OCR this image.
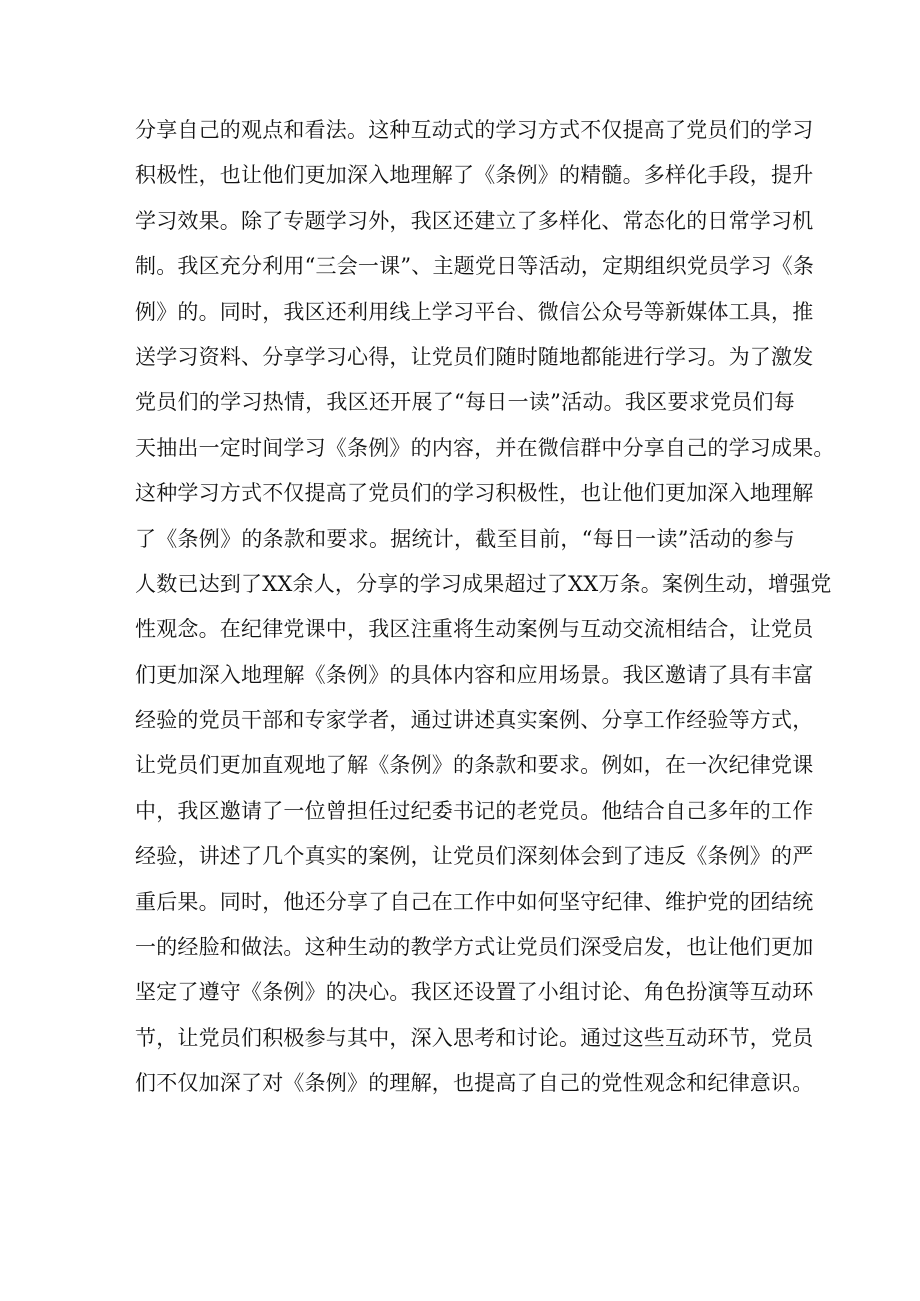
分享自己的观点和看法。这种互动式的学习方式不仅提高了党员们的学习
积极性，也让他们更加深入地理解了《条例》的精髓。多样化手段，提升
学习效果。除了专题学习外，我区还建立了多样化、常态化的日常学习机
制。我区充分利用“三会一课”、主题党日等活动，定期组织党员学习《条
例》的。同时，我区还利用线上学习平台、微信公众号等新媒体工具，推
送学习资料、分享学习心得，让党员们随时随地都能进行学习。为了激发
党员们的学习热情，我区还开展了“每日一读”活动。我区要求党员们每
天抽出一定时间学习《条例》的内容，并在微信群中分享自己的学习成果。
这种学习方式不仅提高了党员们的学习积极性，也让他们更加深入地理解
了《条例》的条款和要求。据统计，截至目前，“每日一读”活动的参与
人数已达到了XX余人，分享的学习成果超过了XX万条。案例生动，增强党
性观念。在纪律党课中，我区注重将生动案例与互动交流相结合，让党员
们更加深入地理解《条例》的具体内容和应用场景。我区邀请了具有丰富
经验的党员干部和专家学者，通过讲述真实案例、分享工作经验等方式，
让党员们更加直观地了解《条例》的条款和要求。例如，在一次纪律党课
中，我区邀请了一位曾担任过纪委书记的老党员。他结合自己多年的工作
经验，讲述了几个真实的案例，让党员们深刻体会到了违反《条例》的严
重后果。同时，他还分享了自己在工作中如何坚守纪律、维护党的团结统
一的经脸和做法。这种生动的教学方式让党员们深受启发，也让他们更加
坚定了遵守《条例》的决心。我区还设置了小组讨论、角色扮演等互动环
节，让党员们积极参与其中，深入思考和讨论。通过这些互动环节，党员
们不仅加深了对《条例》的理解，也提高了自己的党性观念和纪律意识。
